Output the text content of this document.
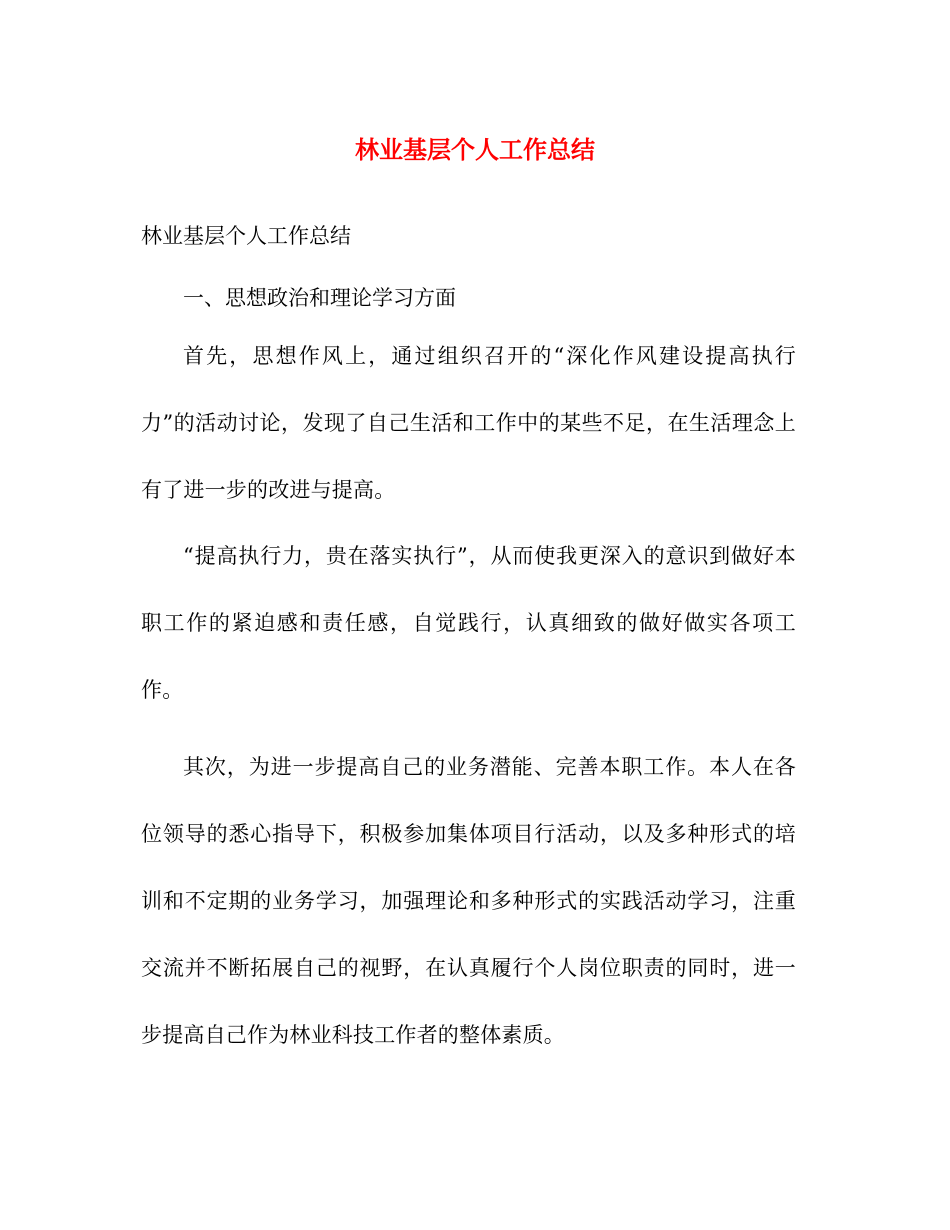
林业基层个人工作总结
林业基层个人工作总结
一、思想政治和理论学习方面
首先，思想作风上，通过组织召开的“深化作风建设提高执行力”的活动讨论，发现了自己生活和工作中的某些不足，在生活理念上有了进一步的改进与提高。
“提高执行力，贵在落实执行”，从而使我更深入的意识到做好本职工作的紧迫感和责任感，自觉践行，认真细致的做好做实各项工作。
其次，为进一步提高自己的业务潜能、完善本职工作。本人在各位领导的悉心指导下，积极参加集体项目行活动，以及多种形式的培训和不定期的业务学习，加强理论和多种形式的实践活动学习，注重交流并不断拓展自己的视野，在认真履行个人岗位职责的同时，进一步提高自己作为林业科技工作者的整体素质。
